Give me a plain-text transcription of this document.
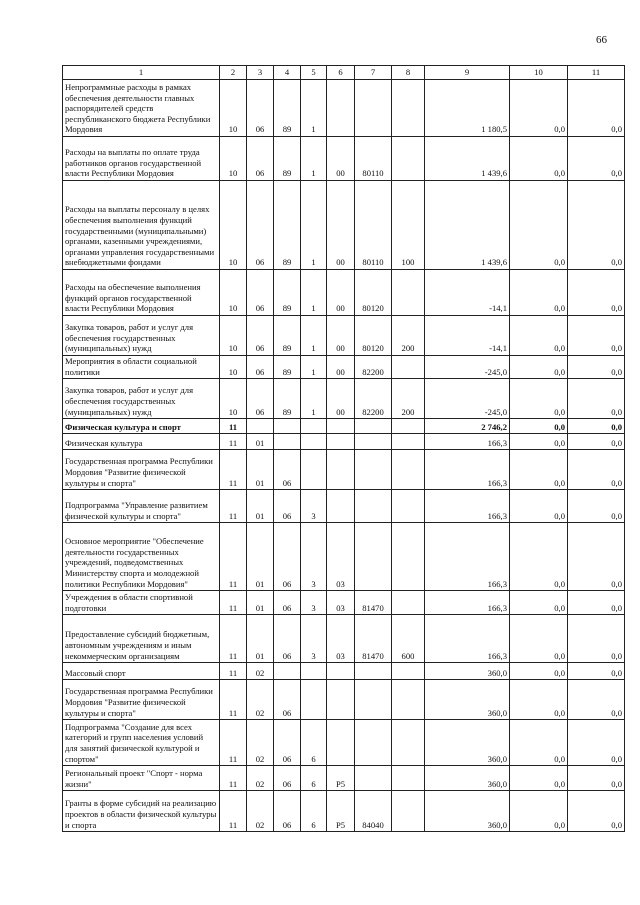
66
1	2	3	4	5	6	7	8	9	10	11
Непрограммные расходы в рамках обеспечения деятельности главных распорядителей средств республиканского бюджета Республики Мордовия	10	06	89	1				1 180,5	0,0	0,0
Расходы на выплаты по оплате труда работников органов государственной власти Республики Мордовия	10	06	89	1	00	80110		1 439,6	0,0	0,0
Расходы на выплаты персоналу в целях обеспечения выполнения функций государственными (муниципальными) органами, казенными учреждениями, органами управления государственными внебюджетными фондами	10	06	89	1	00	80110	100	1 439,6	0,0	0,0
Расходы на обеспечение выполнения функций органов государственной власти Республики Мордовия	10	06	89	1	00	80120		-14,1	0,0	0,0
Закупка товаров, работ и услуг для обеспечения государственных (муниципальных) нужд	10	06	89	1	00	80120	200	-14,1	0,0	0,0
Мероприятия в области социальной политики	10	06	89	1	00	82200		-245,0	0,0	0,0
Закупка товаров, работ и услуг для обеспечения государственных (муниципальных) нужд	10	06	89	1	00	82200	200	-245,0	0,0	0,0
Физическая культура и спорт	11							2 746,2	0,0	0,0
Физическая культура	11	01						166,3	0,0	0,0
Государственная программа Республики Мордовия "Развитие физической культуры и спорта"	11	01	06					166,3	0,0	0,0
Подпрограмма "Управление развитием физической культуры и спорта"	11	01	06	3				166,3	0,0	0,0
Основное мероприятие "Обеспечение деятельности государственных учреждений, подведомственных Министерству спорта и молодежной политики Республики Мордовия"	11	01	06	3	03			166,3	0,0	0,0
Учреждения в области спортивной подготовки	11	01	06	3	03	81470		166,3	0,0	0,0
Предоставление субсидий бюджетным, автономным учреждениям и иным некоммерческим организациям	11	01	06	3	03	81470	600	166,3	0,0	0,0
Массовый спорт	11	02						360,0	0,0	0,0
Государственная программа Республики Мордовия "Развитие физической культуры и спорта"	11	02	06					360,0	0,0	0,0
Подпрограмма "Создание для всех категорий и групп населения условий для занятий физической культурой и спортом"	11	02	06	6				360,0	0,0	0,0
Региональный проект "Спорт - норма жизни"	11	02	06	6	P5			360,0	0,0	0,0
Гранты в форме субсидий на реализацию проектов в области физической культуры и спорта	11	02	06	6	P5	84040		360,0	0,0	0,0
